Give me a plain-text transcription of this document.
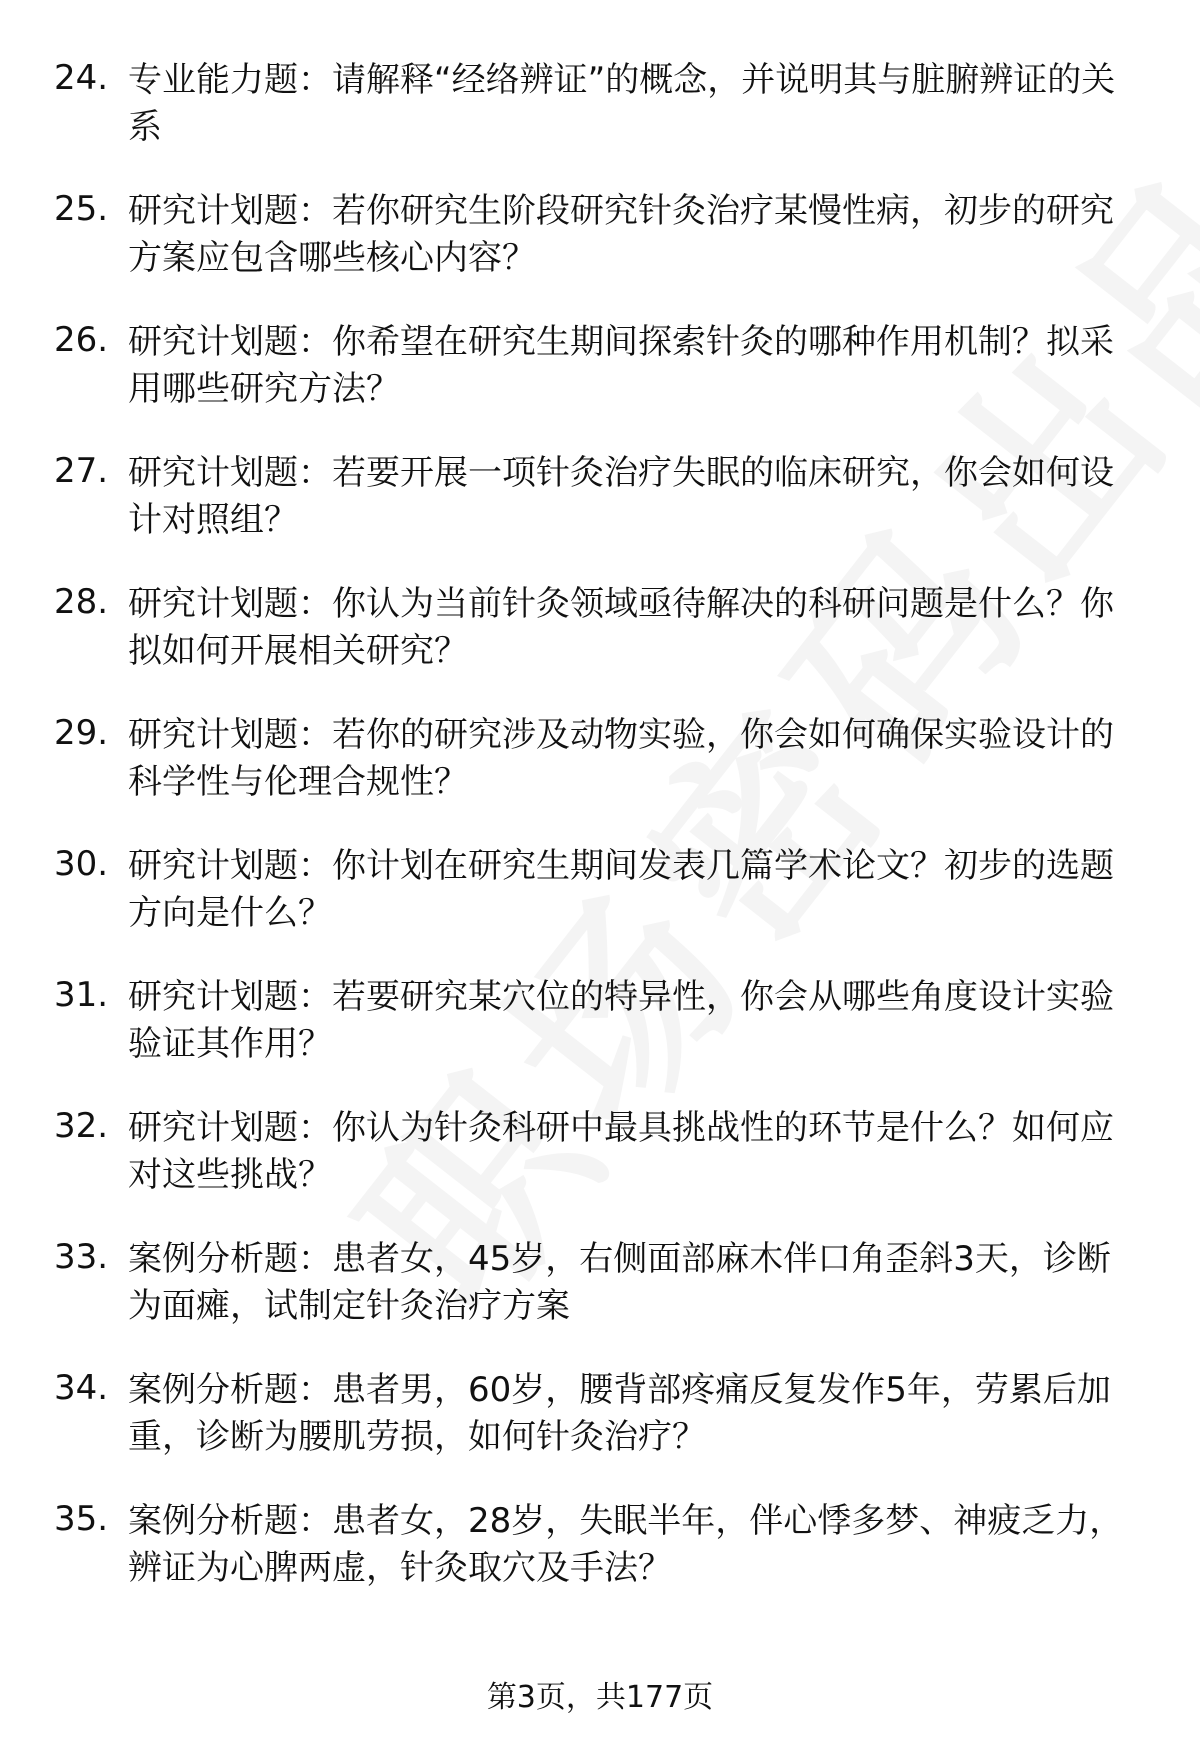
24. 专业能力题：请解释“经络辨证”的概念，并说明其与脏腑辨证的关系
25. 研究计划题：若你研究生阶段研究针灸治疗某慢性病，初步的研究方案应包含哪些核心内容？
26. 研究计划题：你希望在研究生期间探索针灸的哪种作用机制？拟采用哪些研究方法？
27. 研究计划题：若要开展一项针灸治疗失眠的临床研究，你会如何设计对照组？
28. 研究计划题：你认为当前针灸领域亟待解决的科研问题是什么？你拟如何开展相关研究？
29. 研究计划题：若你的研究涉及动物实验，你会如何确保实验设计的科学性与伦理合规性？
30. 研究计划题：你计划在研究生期间发表几篇学术论文？初步的选题方向是什么？
31. 研究计划题：若要研究某穴位的特异性，你会从哪些角度设计实验验证其作用？
32. 研究计划题：你认为针灸科研中最具挑战性的环节是什么？如何应对这些挑战？
33. 案例分析题：患者女，45岁，右侧面部麻木伴口角歪斜3天，诊断为面瘫，试制定针灸治疗方案
34. 案例分析题：患者男，60岁，腰背部疼痛反复发作5年，劳累后加重，诊断为腰肌劳损，如何针灸治疗？
35. 案例分析题：患者女，28岁，失眠半年，伴心悸多梦、神疲乏力，辨证为心脾两虚，针灸取穴及手法？
第3页，共177页
